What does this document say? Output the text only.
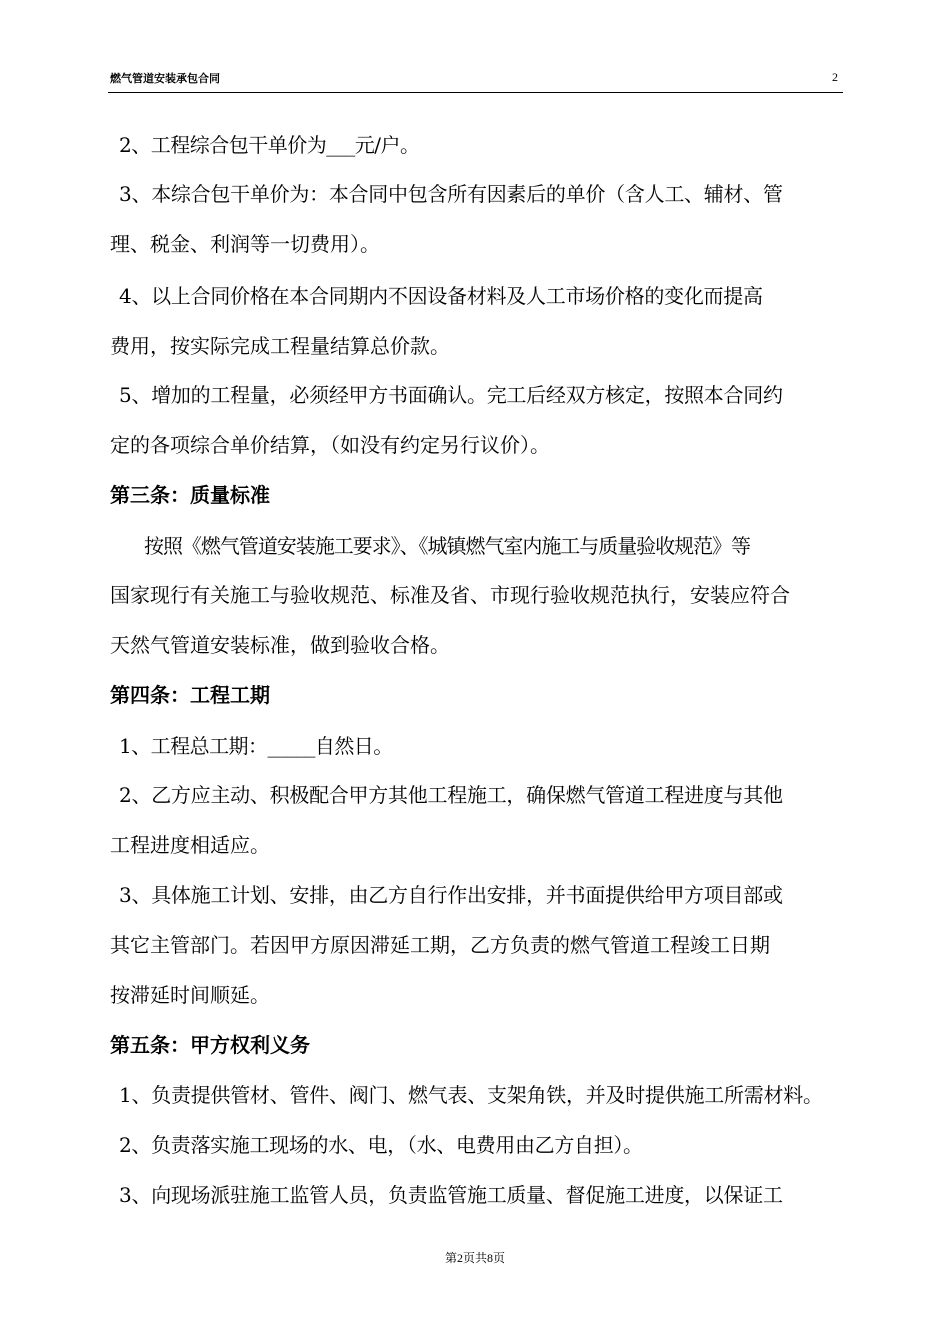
燃气管道安装承包合同	2
2、工程综合包干单价为___元/户。
3、本综合包干单价为：本合同中包含所有因素后的单价（含人工、辅材、管
理、税金、利润等一切费用）。
4、以上合同价格在本合同期内不因设备材料及人工市场价格的变化而提高
费用，按实际完成工程量结算总价款。
5、增加的工程量，必须经甲方书面确认。完工后经双方核定，按照本合同约
定的各项综合单价结算，（如没有约定另行议价）。
第三条：质量标准
按照《燃气管道安装施工要求》、《城镇燃气室内施工与质量验收规范》等
国家现行有关施工与验收规范、标准及省、市现行验收规范执行，安装应符合
天然气管道安装标准，做到验收合格。
第四条：工程工期
1、工程总工期：_____自然日。
2、乙方应主动、积极配合甲方其他工程施工，确保燃气管道工程进度与其他
工程进度相适应。
3、具体施工计划、安排，由乙方自行作出安排，并书面提供给甲方项目部或
其它主管部门。若因甲方原因滞延工期，乙方负责的燃气管道工程竣工日期
按滞延时间顺延。
第五条：甲方权利义务
1、负责提供管材、管件、阀门、燃气表、支架角铁，并及时提供施工所需材料。
2、负责落实施工现场的水、电，（水、电费用由乙方自担）。
3、向现场派驻施工监管人员，负责监管施工质量、督促施工进度，以保证工
第2页共8页
